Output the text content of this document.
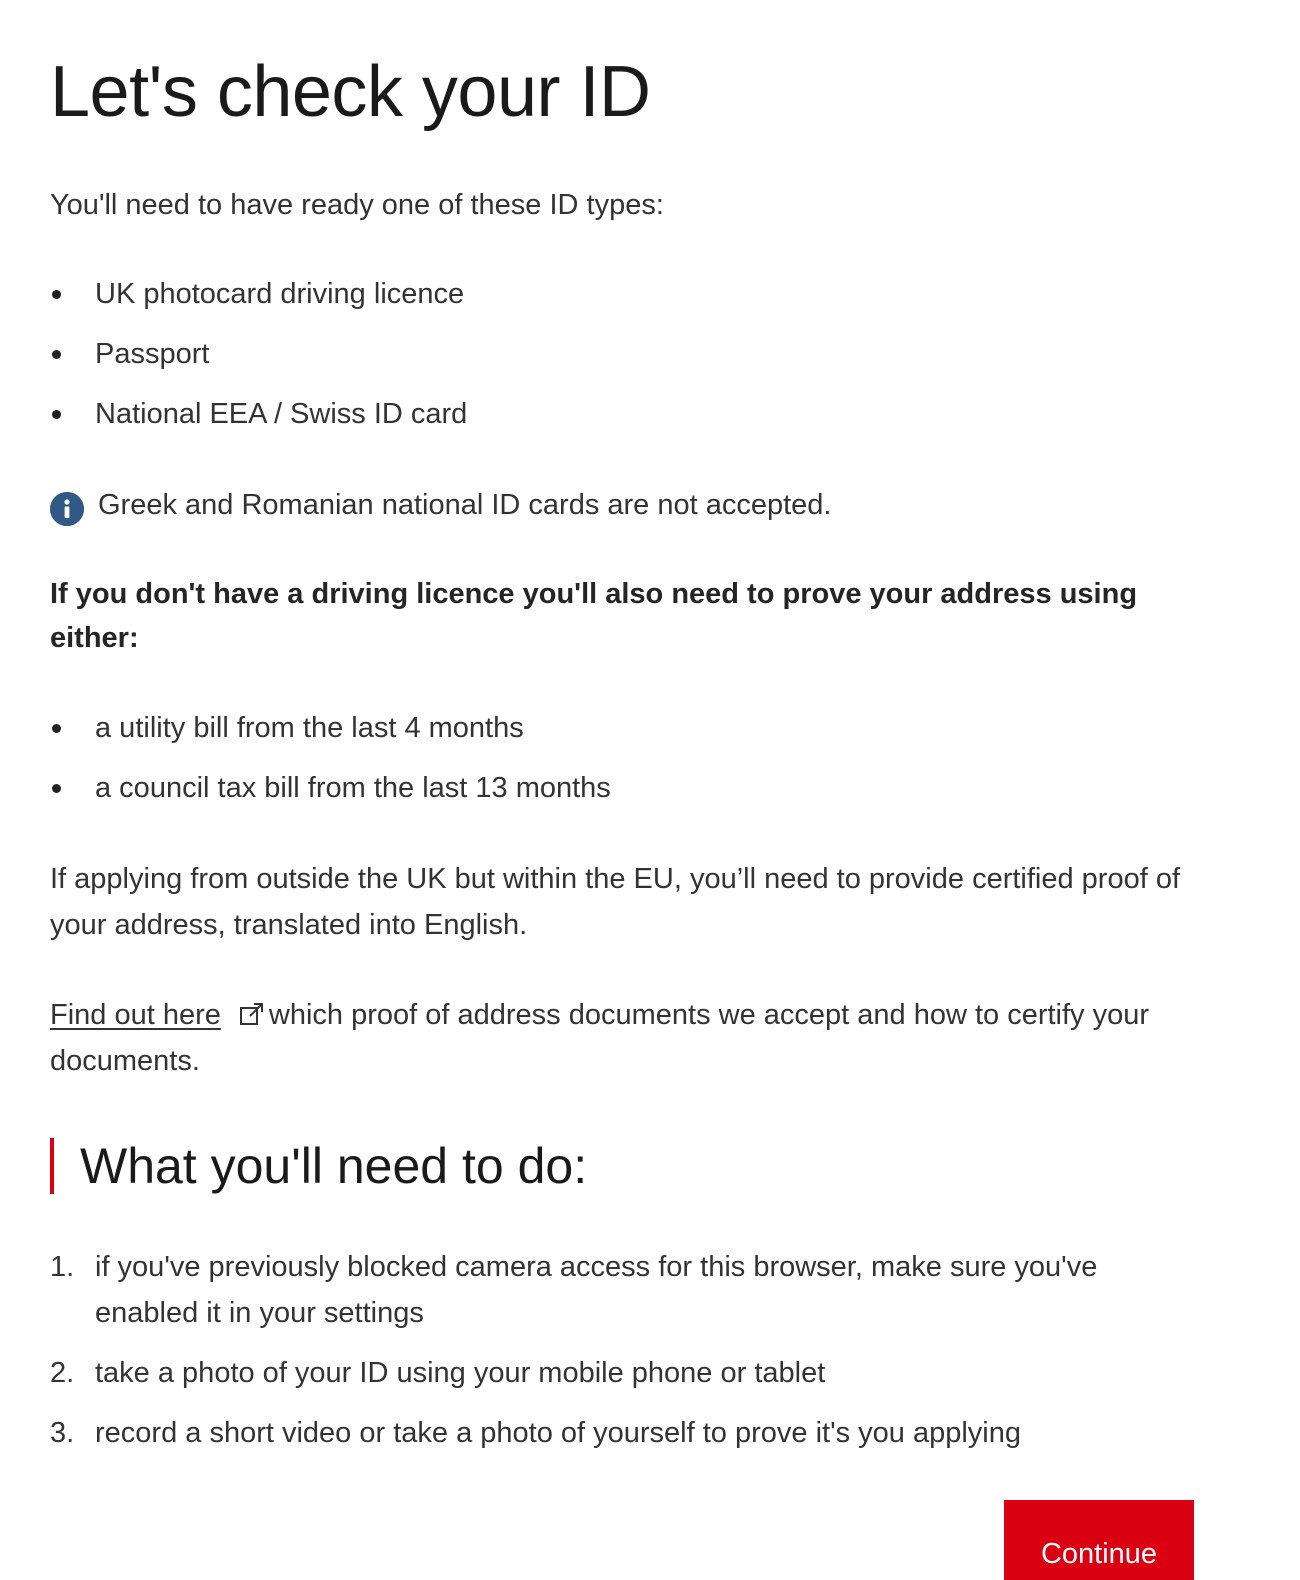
Let's check your ID

You'll need to have ready one of these ID types:

UK photocard driving licence
Passport
National EEA / Swiss ID card
Greek and Romanian national ID cards are not accepted.

If you don't have a driving licence you'll also need to prove your address using either:

a utility bill from the last 4 months
a council tax bill from the last 13 months

If applying from outside the UK but within the EU, you’ll need to provide certified proof of your address, translated into English.

Find out here which proof of address documents we accept and how to certify your documents.

What you'll need to do:
1. if you've previously blocked camera access for this browser, make sure you've enabled it in your settings
2. take a photo of your ID using your mobile phone or tablet
3. record a short video or take a photo of yourself to prove it's you applying
Continue
